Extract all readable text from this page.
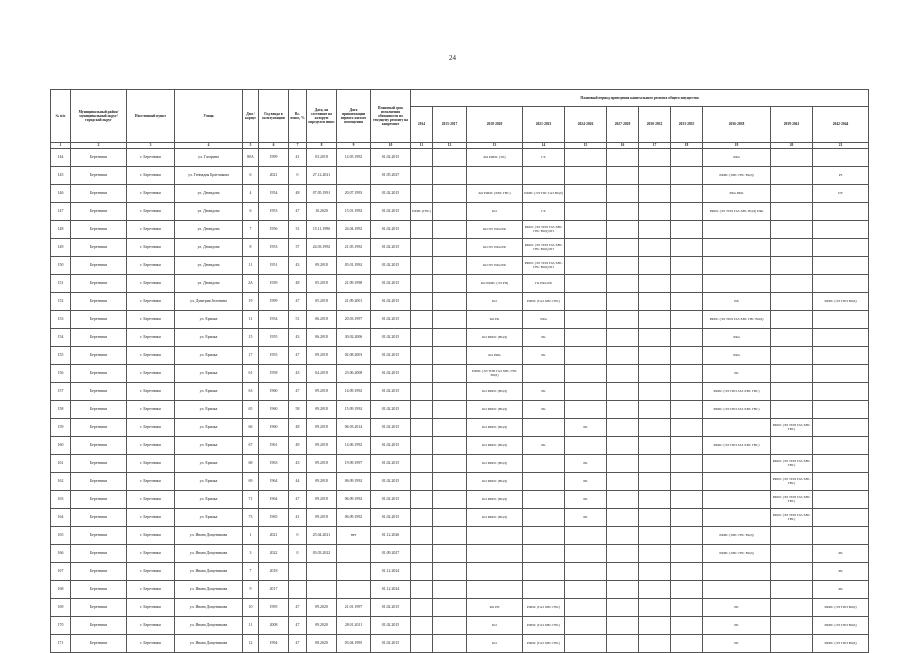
24
№ п/п	Муниципальный район/муниципальный округ/городской округ	Населенный пункт	Улица	Дом / корпус	Год ввода в эксплуатацию	Вс. износ, %	Дата, на состояние на которую определен износ	Дата приватизации первого жилого помещения	Плановый срок исполнения обязанности по текущему ремонту на капремонт	Плановый период проведения капитального ремонта общего имущества										
										2014	2015-2017	2018-2020	2021-2023	2024-2026	2027-2029	2030-2032	2033-2035	2036-2038	2039-2041	2042-2044
1	2	3	4	5	6	7	8	9	10	11	12	13	14	15	16	17	18	19	20	21
144	Березники	г. Березники	ул. Гагарина	80А	1999	41	03.2018	14.05.1992	01.02.2015			КО РФИС (ЭЛ)	ГХ					РФн		
145	Березники	г. Березники	ул. Геннадия Братчикова	6	2021	0	27.12.2021		01.05.2027									РФИС (ХВС ГВС ВОД)		РЗ
146	Березники	г. Березники	ул. Демидова	4	1954	48	07.05.1991	20.07.1993	01.02.2015			КО РФИС (ХВС ГВС)	РФИС (ЭЛ ТПС ГАЗ ВОД)					РФн РФК		ПУ
147	Березники	г. Березники	ул. Демидова	6	1953	47	10.2020	15.01.1992	01.02.2015	РФИС (ГВС)		КО	ГХ					РФИС (ЭЛ ТПП ГАЗ ХВС ВОД) РФн		
148	Березники	г. Березники	ул. Демидова	7	1956	31	15.11.1996	24.04.1992	01.02.2015			КО ПУ РФн РФ	РФИС (ЭЛ ТПП ГАЗ ХВС ГВС ВОД) РП							
149	Березники	г. Березники	ул. Демидова	8	1953	37	24.03.1992	21.05.1992	01.02.2015			КО ПУ РФн РФ	РФИС (ЭЛ ТПП ГАЗ ХВС ГВС ВОД) РП							
150	Березники	г. Березники	ул. Демидова	11	1951	43	09.2018	05.01.1992	01.02.2015			КО ПУ РФн РФ	РФИС (ЭЛ ТПП ГАЗ ХВС ГВС ВОД) РП							
151	Березники	г. Березники	ул. Демидова	2А	1939	48	05.2018	21.09.1998	01.02.2015			КО РФИС (ЭЛ РП)	ГК РФн РФ							
152	Березники	г. Березники	ул. Дмитрия Зеленина	19	1999	47	05.2018	21.09.2001	01.02.2015			КО	РФИС (ГАЗ ХВС ГВС)					РФ		РФИС (ЭЛ ТПП ВОД)
153	Березники	г. Березники	ул. Ермака	11	1954	51	06.2018	20.03.1997	01.02.2015			КО РК	РФн					РФИС (ЭЛ ТПП ГАЗ ХВС ГВС ВОД)		
154	Березники	г. Березники	ул. Ермака	15	1955	43	06.2018	30.02.2006	01.02.2015			КО РФИС (ВОД)	РК					РФн		
155	Березники	г. Березники	ул. Ермака	17	1955	47	09.2018	02.08.2003	01.02.2015			КО РФК	РК					РФн		
156	Березники	г. Березники	ул. Ермака	61	1958	43	04.2018	23.06.2008	01.02.2015			РФИС (ЭЛ ТПП ГАЗ ХВС ГВС ВОД)						РК		
157	Березники	г. Березники	ул. Ермака	63	1960	47	09.2018	14.09.1992	01.02.2015			КО РФИС (ВОД)	РК					РФИС (ЭЛ ТПП ГАЗ ХВС ГВС)		
158	Березники	г. Березники	ул. Ермака	65	1960	58	09.2018	15.09.1992	01.02.2015			КО РФИС (ВОД)	РК					РФИС (ЭЛ ТПП ГАЗ ХВС ГВС)		
159	Березники	г. Березники	ул. Ермака	66	1960	48	09.2018	06.03.2014	01.02.2015			КО РФИС (ВОД)		РК					РФИС (ЭЛ ТПП ГАЗ ХВС ГВС)	
160	Березники	г. Березники	ул. Ермака	67	1961	49	09.2018	14.06.1992	01.02.2015			КО РФИС (ВОД)	РК					РФИС (ЭЛ ТПП ГАЗ ХВС ГВС)		
161	Березники	г. Березники	ул. Ермака	68	1963	43	09.2018	19.09.1997	01.02.2015			КО РФИС (ВОД)		РК					РФИС (ЭЛ ТПП ГАЗ ХВС ГВС)	
162	Березники	г. Березники	ул. Ермака	69	1964	44	09.2018	06.09.1992	01.02.2015			КО РФИС (ВОД)		РК					РФИС (ЭЛ ТПП ГАЗ ХВС ГВС)	
163	Березники	г. Березники	ул. Ермака	71	1964	47	09.2018	06.09.1992	01.02.2015			КО РФИС (ВОД)		РК					РФИС (ЭЛ ТПП ГАЗ ХВС ГВС)	
164	Березники	г. Березники	ул. Ермака	73	1965	41	09.2018	06.09.1992	01.02.2015			КО РФИС (ВОД)		РК					РФИС (ЭЛ ТПП ГАЗ ХВС ГВС)	
165	Березники	г. Березники	ул. Ивана Дощеникова	1	2021	0	25.04.2021	нет	01.12.2026									РФИС (ХВС ГВС ВОД)		
166	Березники	г. Березники	ул. Ивана Дощеникова	3	2022	0	03.03.2022		01.09.2027									РФИС (ХВС ГВС ВОД)		РК
167	Березники	г. Березники	ул. Ивана Дощеникова	7	2018				01.12.2024											РК
168	Березники	г. Березники	ул. Ивана Дощеникова	9	2017				01.12.2024											РК
169	Березники	г. Березники	ул. Ивана Дощеникова	10	1995	47	09.2020	21.01.1997	01.02.2015			КО РП	РФИС (ГАЗ ХВС ГВС)					РК		РФИС (ЭЛ ТПП ВОД)
170	Березники	г. Березники	ул. Ивана Дощеникова	11	2008	47	09.2020	28.01.2011	01.02.2015			КО	РФИС (ГАЗ ХВС ГВС)					РК		РФИС (ЭЛ ТПП ВОД)
171	Березники	г. Березники	ул. Ивана Дощеникова	12	1994	47	08.2020	03.04.1995	01.02.2015			КО	РФИС (ГАЗ ХВС ГВС)					РК		РФИС (ЭЛ ТПП ВОД)
